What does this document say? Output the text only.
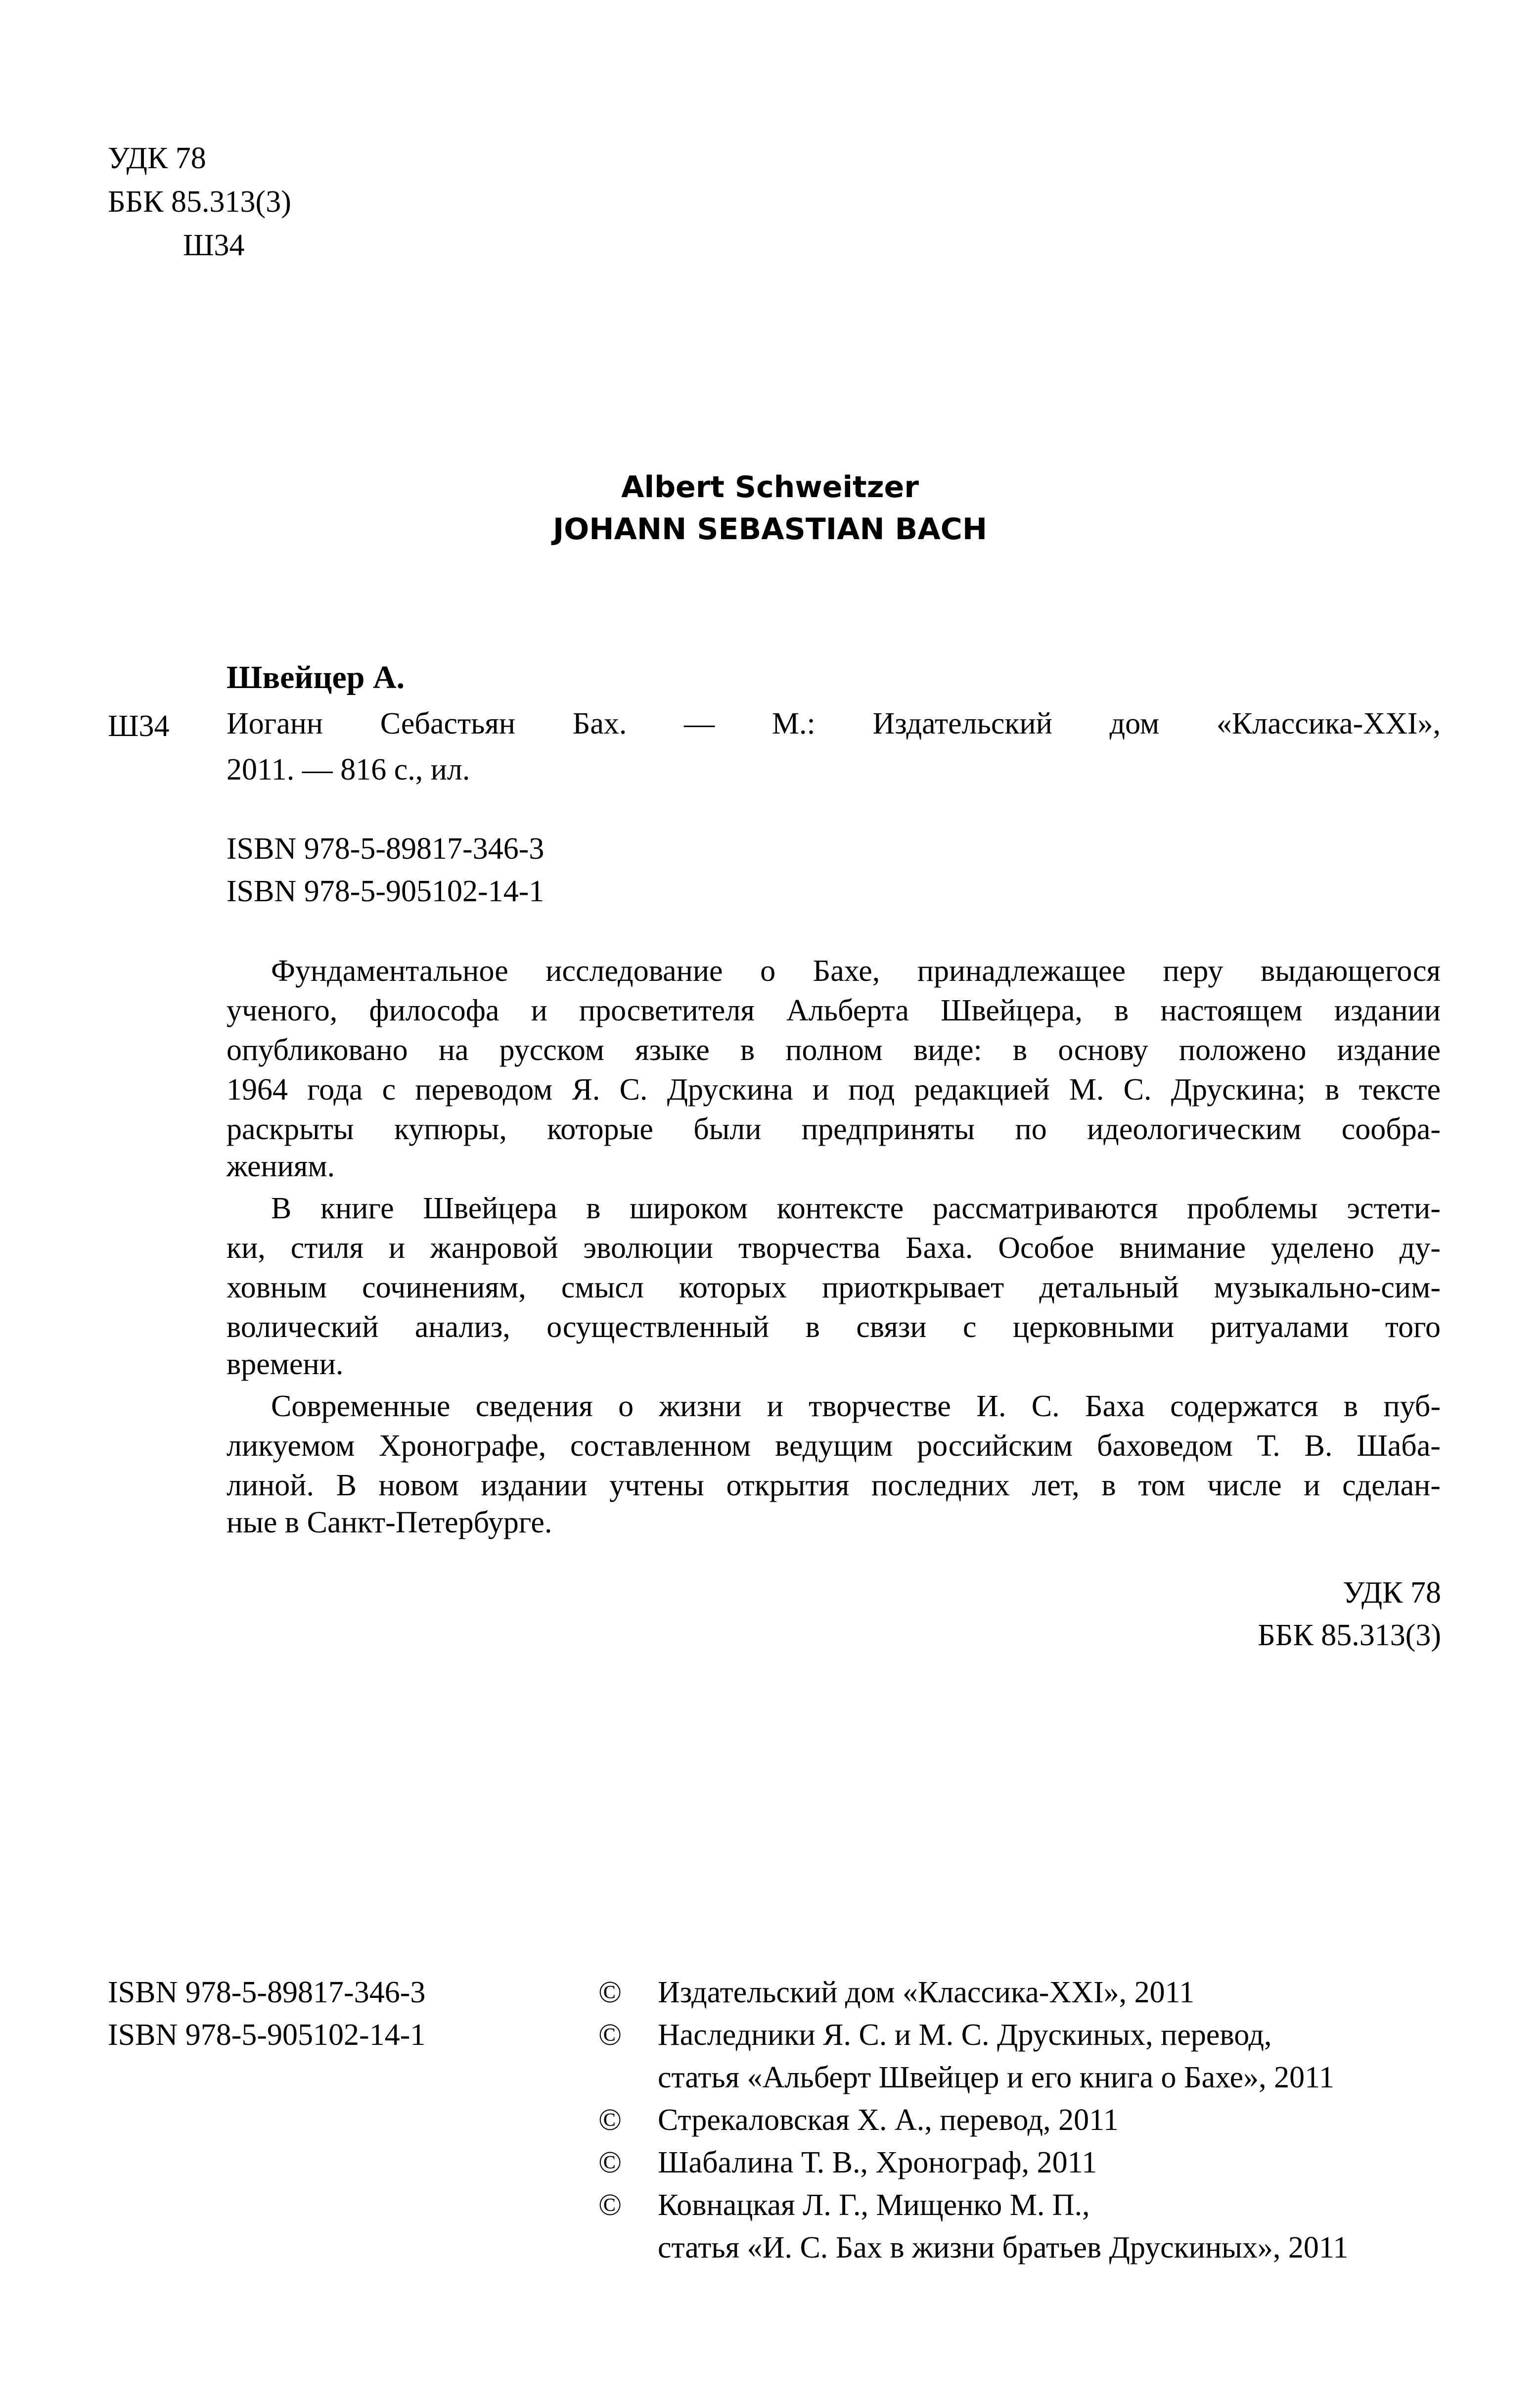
УДК 78
ББК 85.313(3)
Ш34
Albert Schweitzer
JOHANN SEBASTIAN BACH
Швейцер А.
Ш34 Иоганн Себастьян Бах. — М.: Издательский дом «Классика-XXI»,
2011. — 816 с., ил.
ISBN 978-5-89817-346-3
ISBN 978-5-905102-14-1
Фундаментальное исследование о Бахе, принадлежащее перу выдающегося
ученого, философа и просветителя Альберта Швейцера, в настоящем издании
опубликовано на русском языке в полном виде: в основу положено издание
1964 года с переводом Я. С. Друскина и под редакцией М. С. Друскина; в тексте
раскрыты купюры, которые были предприняты по идеологическим сообра-
жениям.
В книге Швейцера в широком контексте рассматриваются проблемы эстети-
ки, стиля и жанровой эволюции творчества Баха. Особое внимание уделено ду-
ховным сочинениям, смысл которых приоткрывает детальный музыкально-сим-
волический анализ, осуществленный в связи с церковными ритуалами того
времени.
Современные сведения о жизни и творчестве И. С. Баха содержатся в пуб-
ликуемом Хронографе, составленном ведущим российским баховедом Т. В. Шаба-
линой. В новом издании учтены открытия последних лет, в том числе и сделан-
ные в Санкт-Петербурге.
УДК 78
ББК 85.313(3)
ISBN 978-5-89817-346-3
ISBN 978-5-905102-14-1
© Издательский дом «Классика-XXI», 2011
© Наследники Я. С. и М. С. Друскиных, перевод,
статья «Альберт Швейцер и его книга о Бахе», 2011
© Стрекаловская Х. А., перевод, 2011
© Шабалина Т. В., Хронограф, 2011
© Ковнацкая Л. Г., Мищенко М. П.,
статья «И. С. Бах в жизни братьев Друскиных», 2011
